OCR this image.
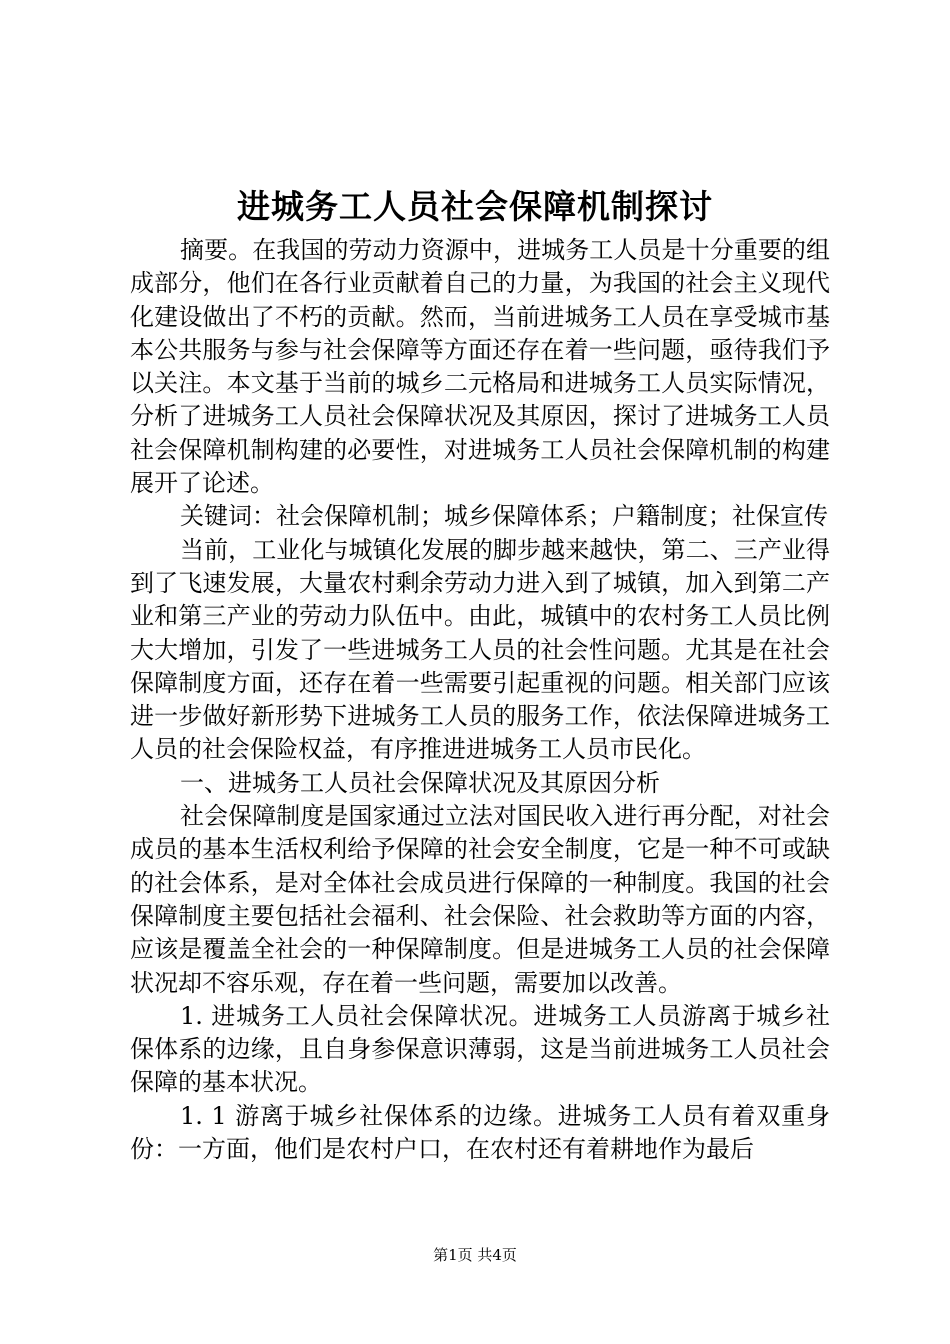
进城务工人员社会保障机制探讨

摘要。在我国的劳动力资源中，进城务工人员是十分重要的组成部分，他们在各行业贡献着自己的力量，为我国的社会主义现代化建设做出了不朽的贡献。然而，当前进城务工人员在享受城市基本公共服务与参与社会保障等方面还存在着一些问题，亟待我们予以关注。本文基于当前的城乡二元格局和进城务工人员实际情况，分析了进城务工人员社会保障状况及其原因，探讨了进城务工人员社会保障机制构建的必要性，对进城务工人员社会保障机制的构建展开了论述。

关键词：社会保障机制；城乡保障体系；户籍制度；社保宣传

当前，工业化与城镇化发展的脚步越来越快，第二、三产业得到了飞速发展，大量农村剩余劳动力进入到了城镇，加入到第二产业和第三产业的劳动力队伍中。由此，城镇中的农村务工人员比例大大增加，引发了一些进城务工人员的社会性问题。尤其是在社会保障制度方面，还存在着一些需要引起重视的问题。相关部门应该进一步做好新形势下进城务工人员的服务工作，依法保障进城务工人员的社会保险权益，有序推进进城务工人员市民化。

一、进城务工人员社会保障状况及其原因分析

社会保障制度是国家通过立法对国民收入进行再分配，对社会成员的基本生活权利给予保障的社会安全制度，它是一种不可或缺的社会体系，是对全体社会成员进行保障的一种制度。我国的社会保障制度主要包括社会福利、社会保险、社会救助等方面的内容，应该是覆盖全社会的一种保障制度。但是进城务工人员的社会保障状况却不容乐观，存在着一些问题，需要加以改善。

1. 进城务工人员社会保障状况。进城务工人员游离于城乡社保体系的边缘，且自身参保意识薄弱，这是当前进城务工人员社会保障的基本状况。

1. 1 游离于城乡社保体系的边缘。进城务工人员有着双重身份：一方面，他们是农村户口，在农村还有着耕地作为最后

第1页 共4页
